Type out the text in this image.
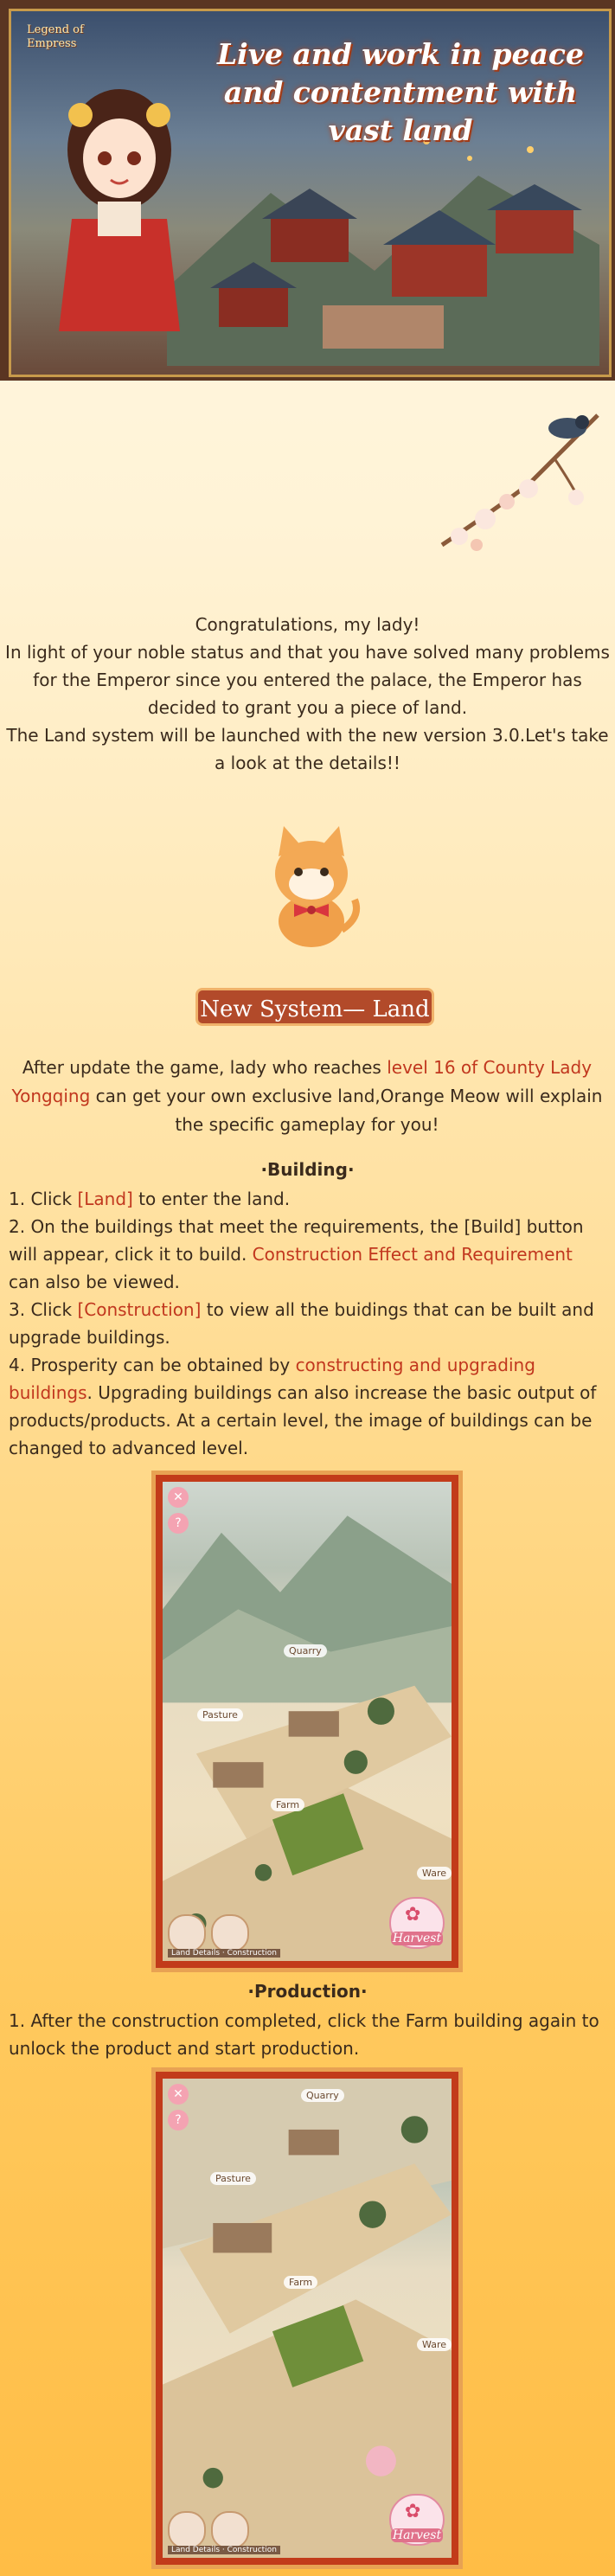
Legend of Empress	Live and work in peace and contentment with vast land
Congratulations, my lady!
In light of your noble status and that you have solved many problems for the Emperor since you entered the palace, the Emperor has decided to grant you a piece of land.
The Land system will be launched with the new version 3.0.Let's take a look at the details!!
New System— Land
After update the game, lady who reaches level 16 of County Lady Yongqing can get your own exclusive land,Orange Meow will explain the specific gameplay for you!
·Building·

1. Click [Land] to enter the land.

2. On the buildings that meet the requirements, the [Build] button will appear, click it to build. Construction Effect and Requirement can also be viewed.

3. Click [Construction] to view all the buidings that can be built and upgrade buildings.

4. Prosperity can be obtained by constructing and upgrading buildings. Upgrading buildings can also increase the basic output of products/products. At a certain level, the image of buildings can be changed to advanced level.

✕
?
Quarry
Pasture
Farm
Ware
Land Details · Construction
✿
Harvest
·Production·

1. After the construction completed, click the Farm building again to unlock the product and start production.

✕
?
Quarry
Pasture
Farm
Ware
Land Details · Construction
✿
Harvest
